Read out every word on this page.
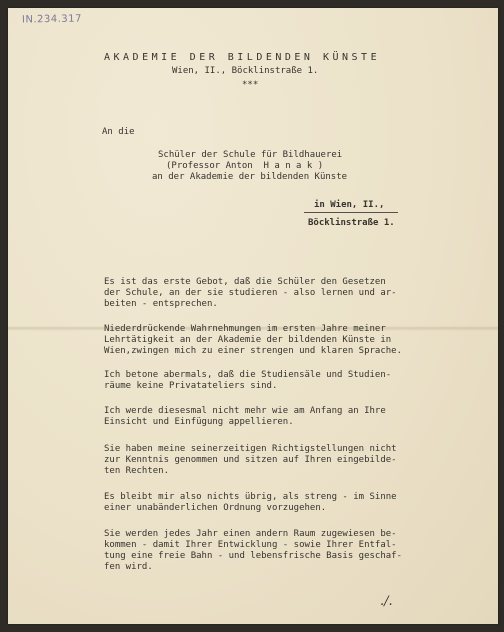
IN.234.317
AKADEMIE DER BILDENDEN KÜNSTE
Wien, II., Böcklinstraße 1.
***
An die
Schüler der Schule für Bildhauerei
(Professor Anton  H a n a k )
an der Akademie der bildenden Künste
in Wien, II.,
Böcklinstraße 1.
Es ist das erste Gebot, daß die Schüler den Gesetzen
der Schule, an der sie studieren - also lernen und ar-
beiten - entsprechen.
Niederdrückende Wahrnehmungen im ersten Jahre meiner
Lehrtätigkeit an der Akademie der bildenden Künste in
Wien,zwingen mich zu einer strengen und klaren Sprache.
Ich betone abermals, daß die Studiensäle und Studien-
räume keine Privatateliers sind.
Ich werde diesesmal nicht mehr wie am Anfang an Ihre
Einsicht und Einfügung appellieren.
Sie haben meine seinerzeitigen Richtigstellungen nicht
zur Kenntnis genommen und sitzen auf Ihren eingebilde-
ten Rechten.
Es bleibt mir also nichts übrig, als streng - im Sinne
einer unabänderlichen Ordnung vorzugehen.
Sie werden jedes Jahr einen andern Raum zugewiesen be-
kommen - damit Ihrer Entwicklung - sowie Ihrer Entfal-
tung eine freie Bahn - und lebensfrische Basis geschaf-
fen wird.
./.
